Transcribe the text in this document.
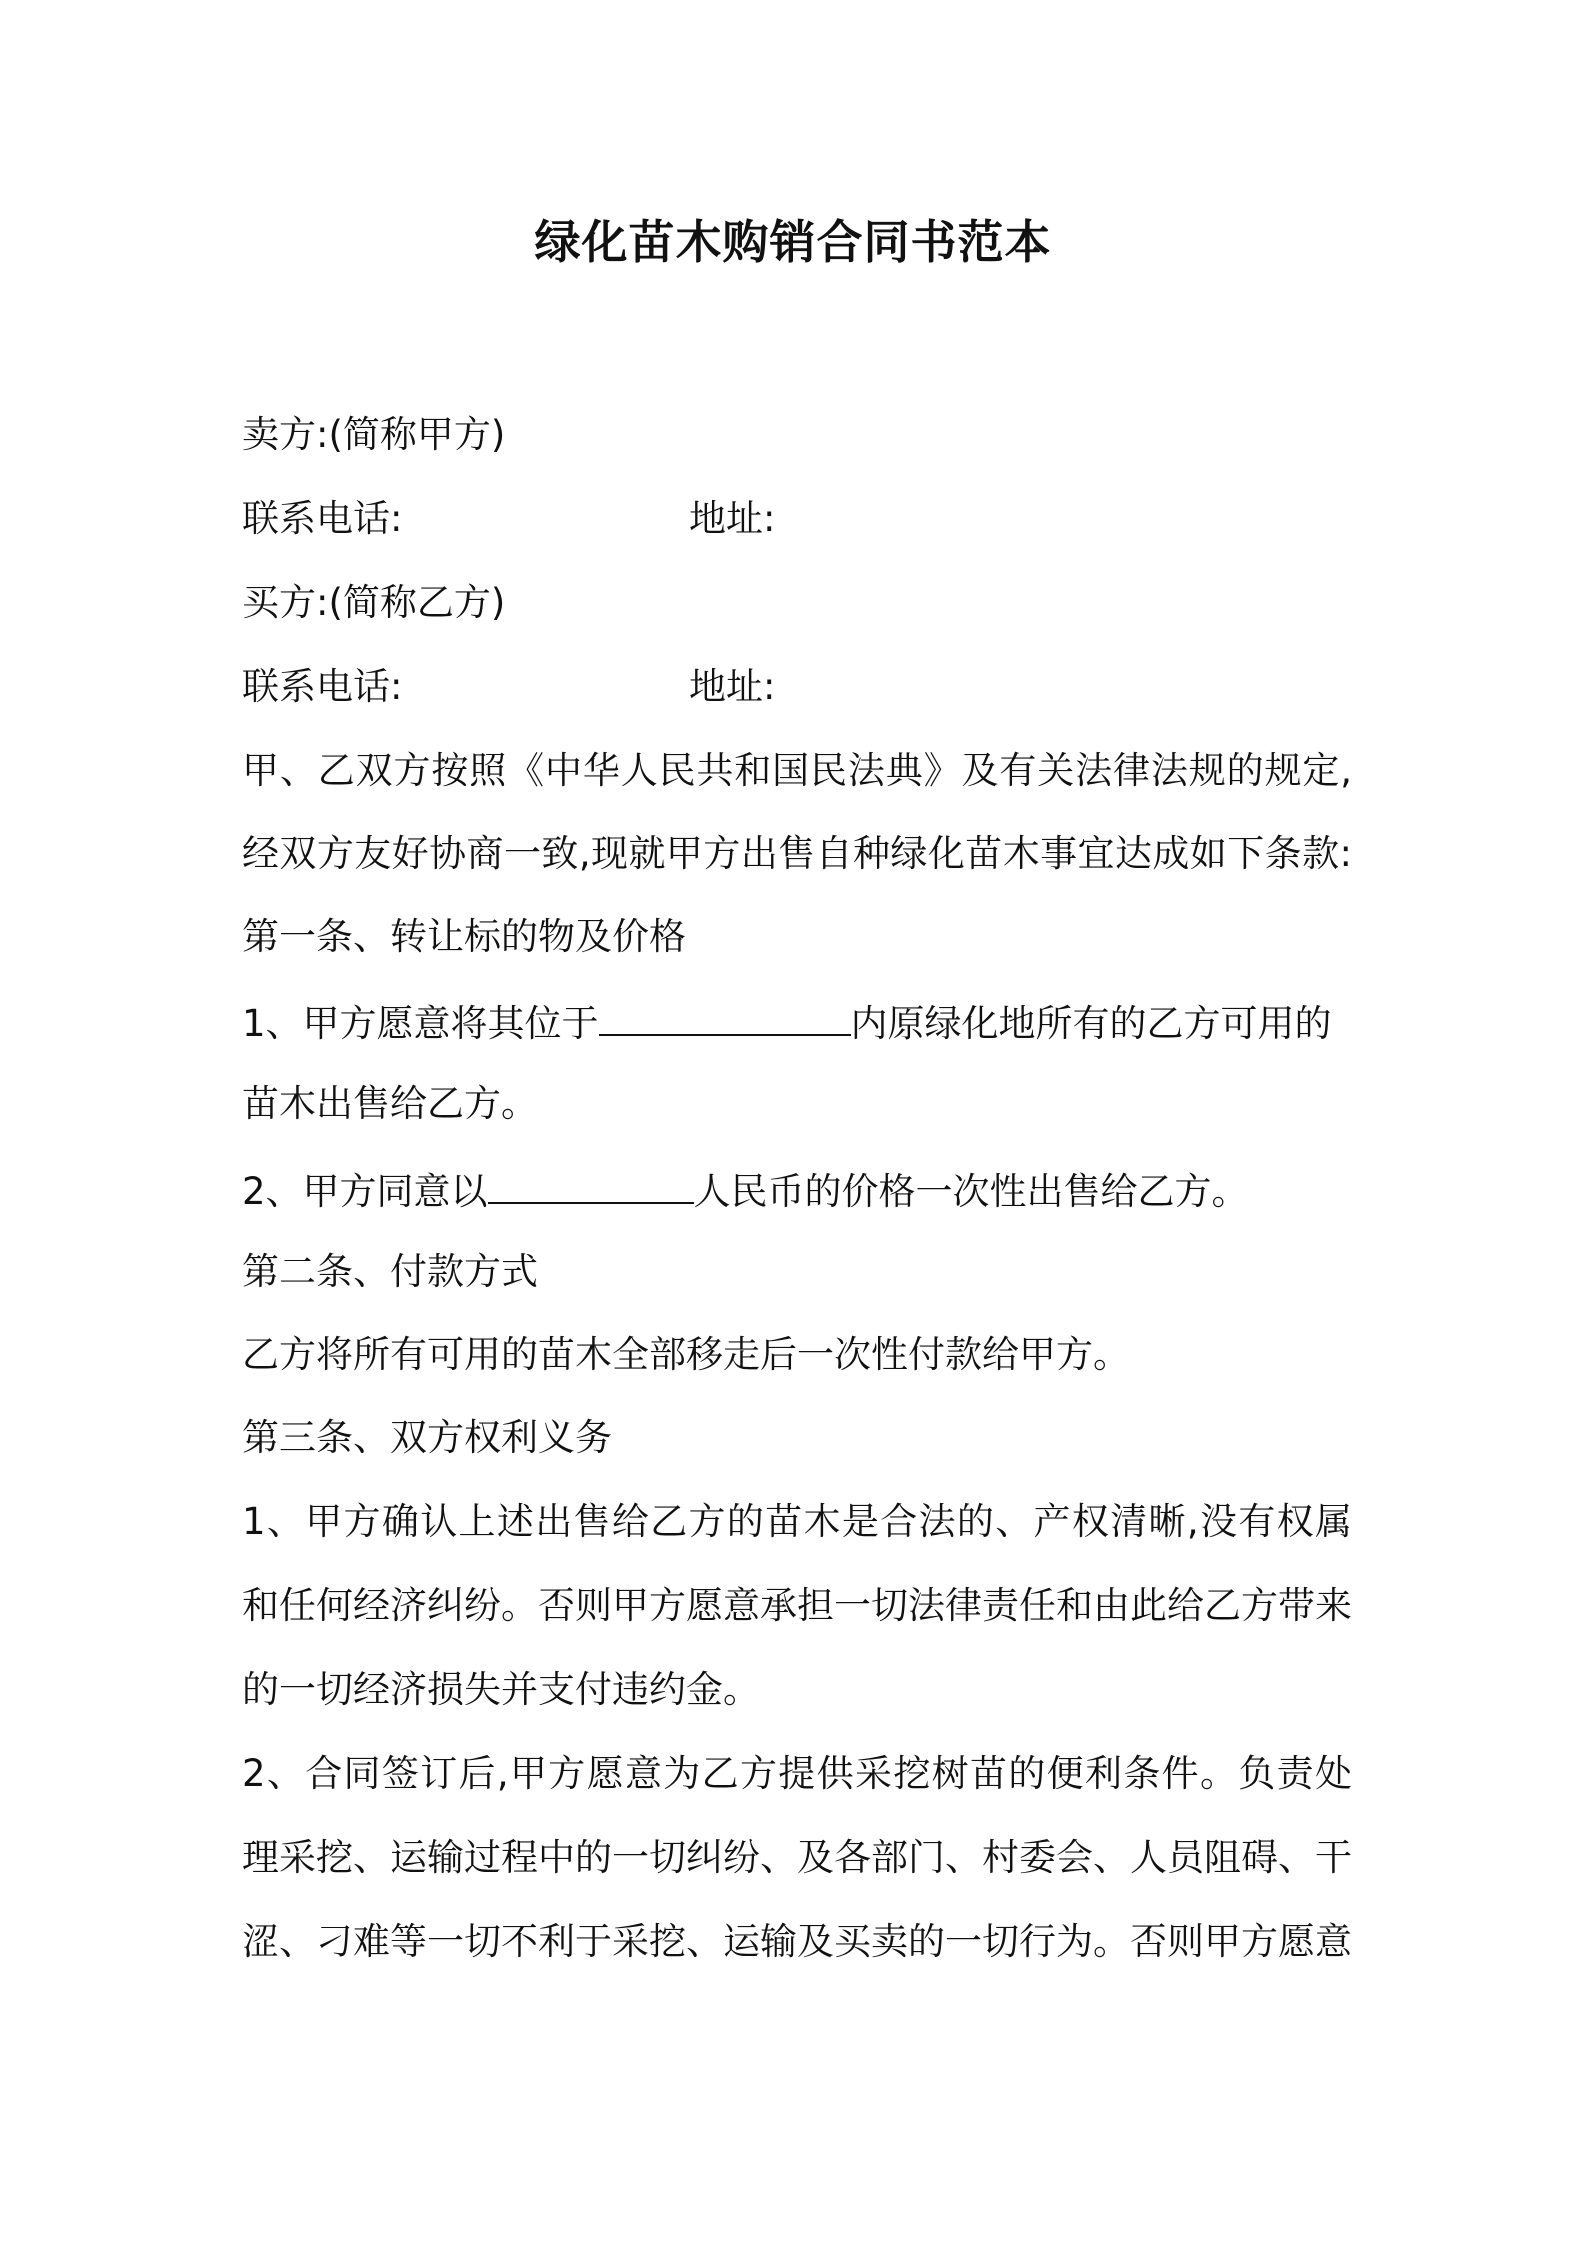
绿化苗木购销合同书范本
卖方:(简称甲方)
联系电话:	地址:
买方:(简称乙方)
联系电话:	地址:
甲、乙双方按照《中华人民共和国民法典》及有关法律法规的规定,
经双方友好协商一致,现就甲方出售自种绿化苗木事宜达成如下条款:
第一条、转让标的物及价格
1、甲方愿意将其位于	内原绿化地所有的乙方可用的
苗木出售给乙方。
2、甲方同意以	人民币的价格一次性出售给乙方。
第二条、付款方式
乙方将所有可用的苗木全部移走后一次性付款给甲方。
第三条、双方权利义务
1、甲方确认上述出售给乙方的苗木是合法的、产权清晰,没有权属
和任何经济纠纷。否则甲方愿意承担一切法律责任和由此给乙方带来
的一切经济损失并支付违约金。
2、合同签订后,甲方愿意为乙方提供采挖树苗的便利条件。负责处
理采挖、运输过程中的一切纠纷、及各部门、村委会、人员阻碍、干
涩、刁难等一切不利于采挖、运输及买卖的一切行为。否则甲方愿意
